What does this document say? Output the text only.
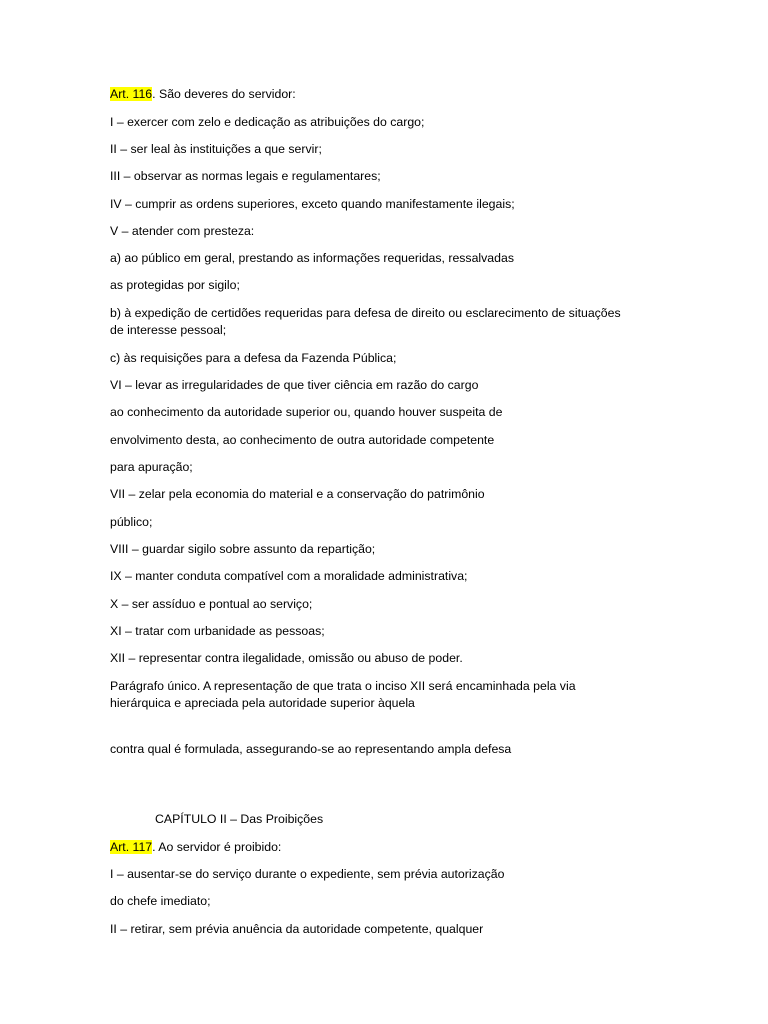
Art. 116. São deveres do servidor:
I – exercer com zelo e dedicação as atribuições do cargo;
II – ser leal às instituições a que servir;
III – observar as normas legais e regulamentares;
IV – cumprir as ordens superiores, exceto quando manifestamente ilegais;
V – atender com presteza:
a) ao público em geral, prestando as informações requeridas, ressalvadas
as protegidas por sigilo;
b) à expedição de certidões requeridas para defesa de direito ou esclarecimento de situações
de interesse pessoal;
c) às requisições para a defesa da Fazenda Pública;
VI – levar as irregularidades de que tiver ciência em razão do cargo
ao conhecimento da autoridade superior ou, quando houver suspeita de
envolvimento desta, ao conhecimento de outra autoridade competente
para apuração;
VII – zelar pela economia do material e a conservação do patrimônio
público;
VIII – guardar sigilo sobre assunto da repartição;
IX – manter conduta compatível com a moralidade administrativa;
X – ser assíduo e pontual ao serviço;
XI – tratar com urbanidade as pessoas;
XII – representar contra ilegalidade, omissão ou abuso de poder.
Parágrafo único. A representação de que trata o inciso XII será encaminhada pela via
hierárquica e apreciada pela autoridade superior àquela
contra qual é formulada, assegurando-se ao representando ampla defesa
CAPÍTULO II – Das Proibições
Art. 117. Ao servidor é proibido:
I – ausentar-se do serviço durante o expediente, sem prévia autorização
do chefe imediato;
II – retirar, sem prévia anuência da autoridade competente, qualquer
